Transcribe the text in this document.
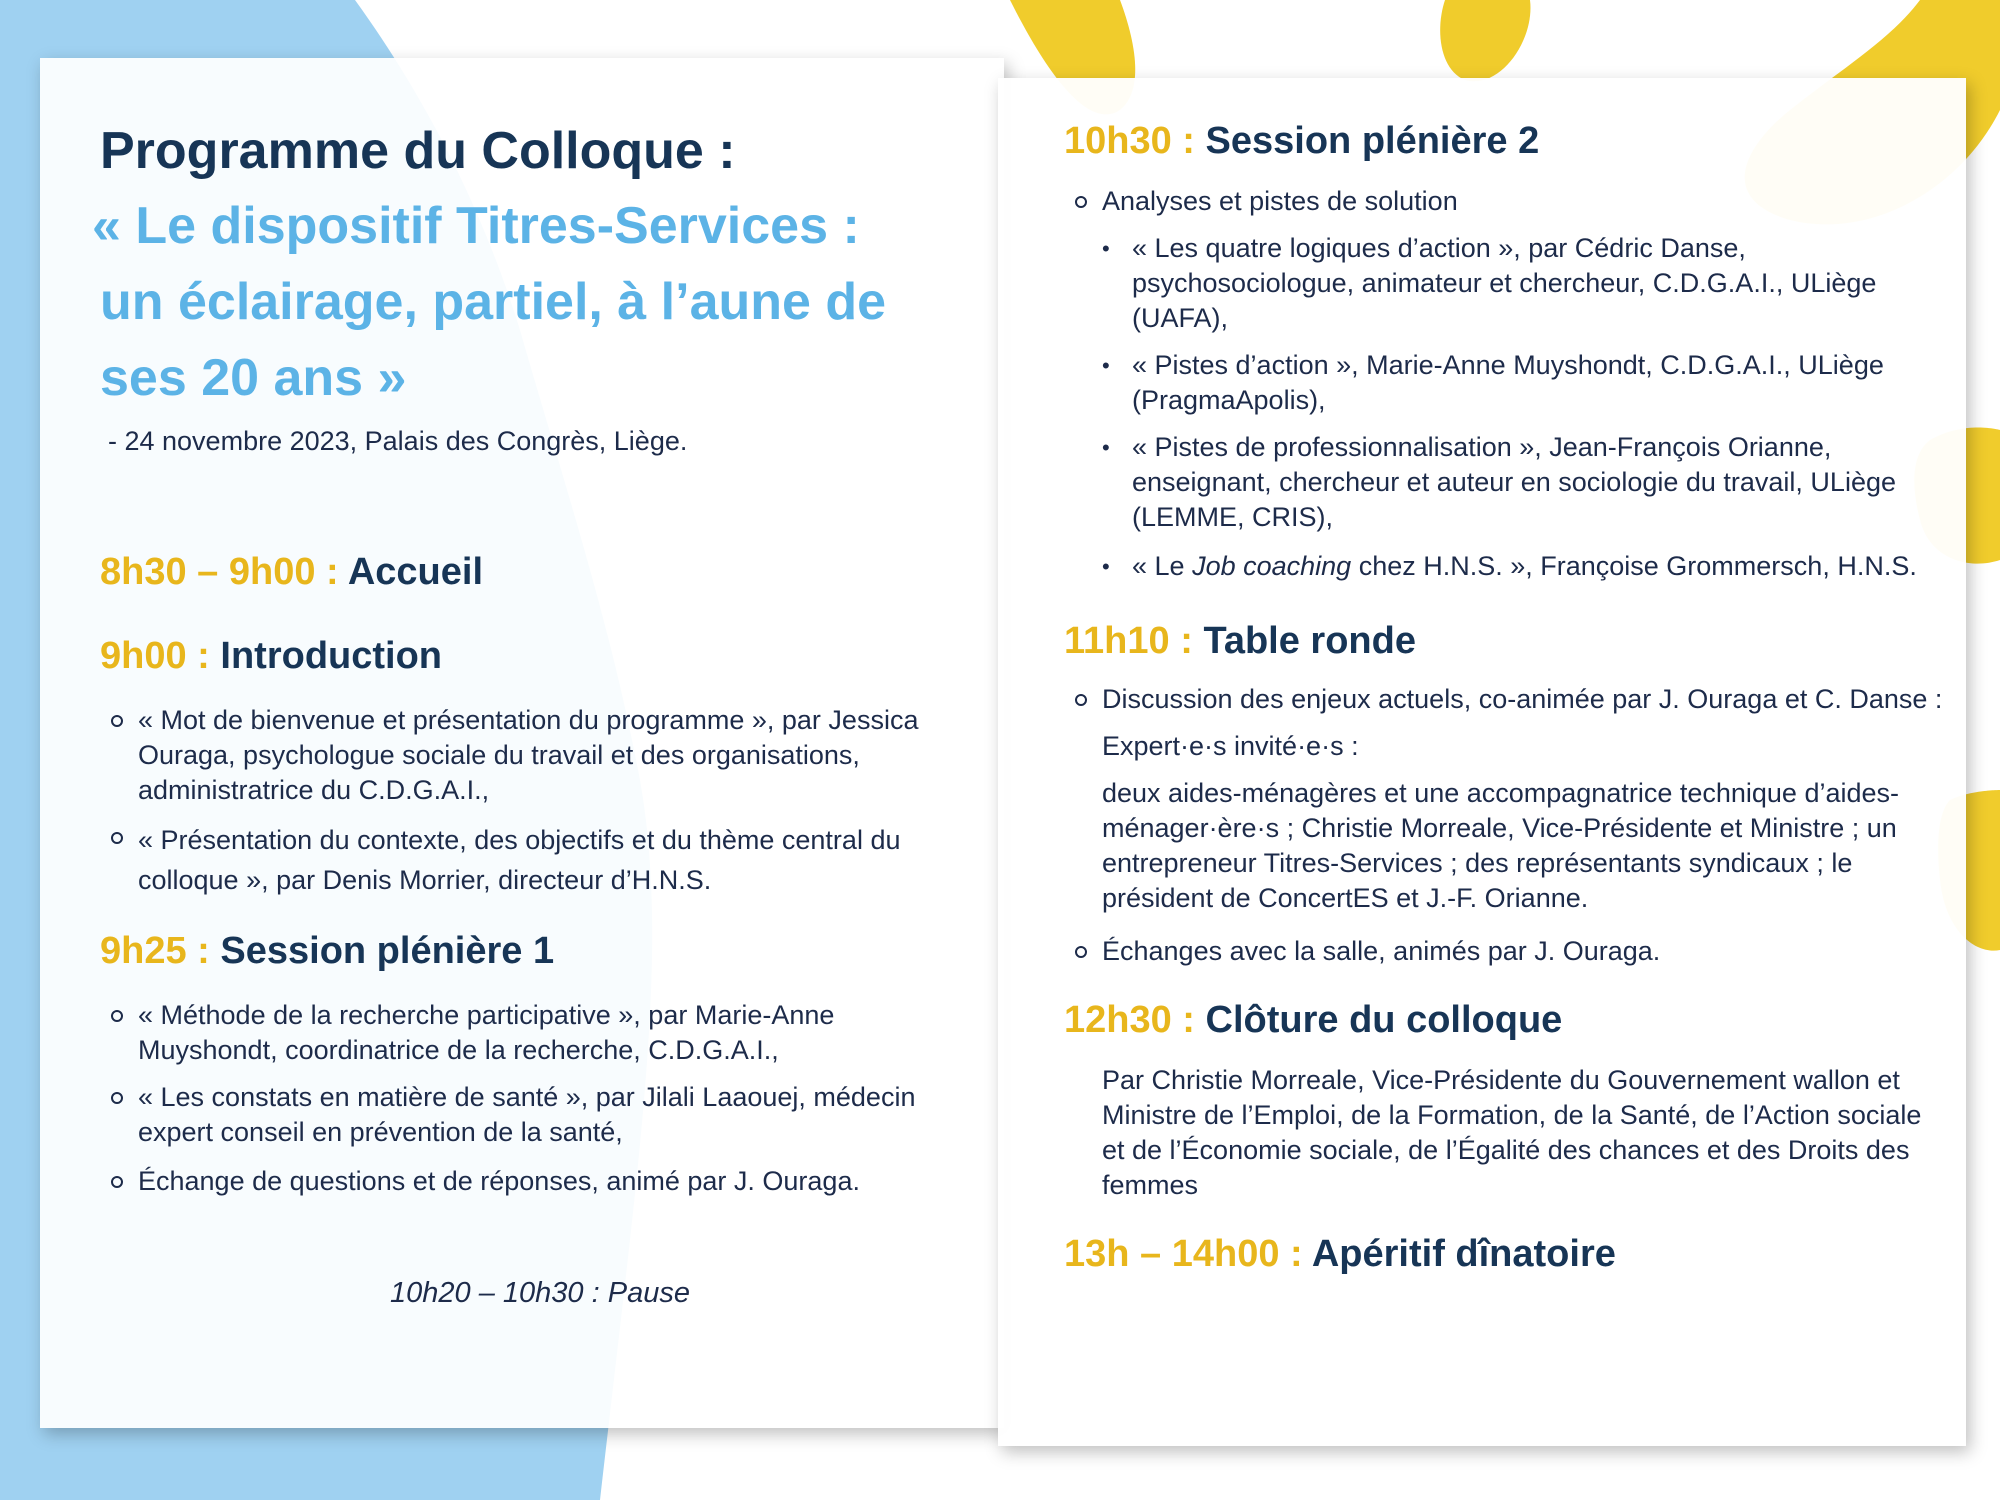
Programme du Colloque :
« Le dispositif Titres-Services :
un éclairage, partiel, à l’aune de
ses 20 ans »
- 24 novembre 2023, Palais des Congrès, Liège.
8h30 – 9h00 : Accueil
9h00 : Introduction
« Mot de bienvenue et présentation du programme », par Jessica Ouraga, psychologue sociale du travail et des organisations, administratrice du C.D.G.A.I.,
« Présentation du contexte, des objectifs et du thème central du colloque », par Denis Morrier, directeur d’H.N.S.
9h25 : Session plénière 1
« Méthode de la recherche participative », par Marie-Anne Muyshondt, coordinatrice de la recherche, C.D.G.A.I.,
« Les constats en matière de santé », par Jilali Laaouej, médecin expert conseil en prévention de la santé,
Échange de questions et de réponses, animé par J. Ouraga.
10h20 – 10h30 : Pause
10h30 : Session plénière 2
Analyses et pistes de solution
• « Les quatre logiques d’action », par Cédric Danse, psychosociologue, animateur et chercheur, C.D.G.A.I., ULiège (UAFA),
• « Pistes d’action », Marie-Anne Muyshondt, C.D.G.A.I., ULiège (PragmaApolis),
• « Pistes de professionnalisation », Jean-François Orianne, enseignant, chercheur et auteur en sociologie du travail, ULiège (LEMME, CRIS),
• « Le Job coaching chez H.N.S. », Françoise Grommersch, H.N.S.
11h10 : Table ronde
Discussion des enjeux actuels, co-animée par J. Ouraga et C. Danse :
Expert·e·s invité·e·s :
deux aides-ménagères et une accompagnatrice technique d’aides-ménager·ère·s ; Christie Morreale, Vice-Présidente et Ministre ; un entrepreneur Titres-Services ; des représentants syndicaux ; le président de ConcertES et J.-F. Orianne.
Échanges avec la salle, animés par J. Ouraga.
12h30 : Clôture du colloque
Par Christie Morreale, Vice-Présidente du Gouvernement wallon et Ministre de l’Emploi, de la Formation, de la Santé, de l’Action sociale et de l’Économie sociale, de l’Égalité des chances et des Droits des femmes
13h – 14h00 : Apéritif dînatoire
